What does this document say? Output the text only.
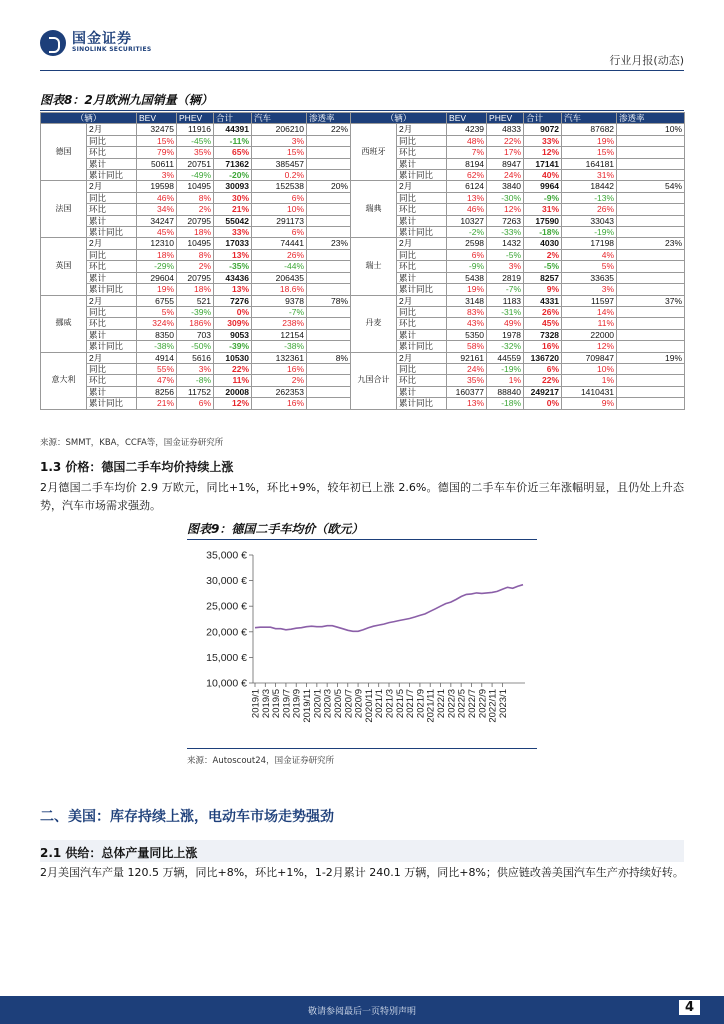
国金证券
SINOLINK SECURITIES
行业月报(动态)
图表8：2月欧洲九国销量（辆）
（辆）		BEV	PHEV	合计	汽车	渗透率	（辆）		BEV	PHEV	合计	汽车	渗透率
德国	2月	32475	11916	44391	206210	22%	西班牙	2月	4239	4833	9072	87682	10%
	同比	15%	-45%	-11%	3%			同比	48%	22%	33%	19%	
	环比	79%	35%	65%	15%			环比	7%	17%	12%	15%	
	累计	50611	20751	71362	385457			累计	8194	8947	17141	164181	
	累计同比	3%	-49%	-20%	0.2%			累计同比	62%	24%	40%	31%	
法国	2月	19598	10495	30093	152538	20%	瑞典	2月	6124	3840	9964	18442	54%
	同比	46%	8%	30%	6%			同比	13%	-30%	-9%	-13%	
	环比	34%	2%	21%	10%			环比	46%	12%	31%	26%	
	累计	34247	20795	55042	291173			累计	10327	7263	17590	33043	
	累计同比	45%	18%	33%	6%			累计同比	-2%	-33%	-18%	-19%	
英国	2月	12310	10495	17033	74441	23%	瑞士	2月	2598	1432	4030	17198	23%
	同比	18%	8%	13%	26%			同比	6%	-5%	2%	4%	
	环比	-29%	2%	-35%	-44%			环比	-9%	3%	-5%	5%	
	累计	29604	20795	43436	206435			累计	5438	2819	8257	33635	
	累计同比	19%	18%	13%	18.6%			累计同比	19%	-7%	9%	3%	
挪威	2月	6755	521	7276	9378	78%	丹麦	2月	3148	1183	4331	11597	37%
	同比	5%	-39%	0%	-7%			同比	83%	-31%	26%	14%	
	环比	324%	186%	309%	238%			环比	43%	49%	45%	11%	
	累计	8350	703	9053	12154			累计	5350	1978	7328	22000	
	累计同比	-38%	-50%	-39%	-38%			累计同比	58%	-32%	16%	12%	
意大利	2月	4914	5616	10530	132361	8%	九国合计	2月	92161	44559	136720	709847	19%
	同比	55%	3%	22%	16%			同比	24%	-19%	6%	10%	
	环比	47%	-8%	11%	2%			环比	35%	1%	22%	1%	
	累计	8256	11752	20008	262353			累计	160377	88840	249217	1410431	
	累计同比	21%	6%	12%	16%			累计同比	13%	-18%	0%	9%	
来源：SMMT，KBA，CCFA等，国金证券研究所
1.3 价格：德国二手车均价持续上涨
2月德国二手车均价 2.9 万欧元，同比+1%，环比+9%，较年初已上涨 2.6%。德国的二手车车价近三年涨幅明显，且仍处上升态势，汽车市场需求强劲。
图表9：德国二手车均价（欧元）
10,000 €
15,000 €
20,000 €
25,000 €
30,000 €
35,000 €
2019/1 2019/3 2019/5 2019/7 2019/9 2019/11 2020/1 2020/3 2020/5 2020/7 2020/9 2020/11 2021/1 2021/3 2021/5 2021/7 2021/9 2021/11 2022/1 2022/3 2022/5 2022/7 2022/9 2022/11 2023/1
来源：Autoscout24，国金证券研究所
二、美国：库存持续上涨，电动车市场走势强劲
2.1 供给：总体产量同比上涨
2月美国汽车产量 120.5 万辆，同比+8%，环比+1%，1-2月累计 240.1 万辆，同比+8%；供应链改善美国汽车生产亦持续好转。
敬请参阅最后一页特别声明	4
